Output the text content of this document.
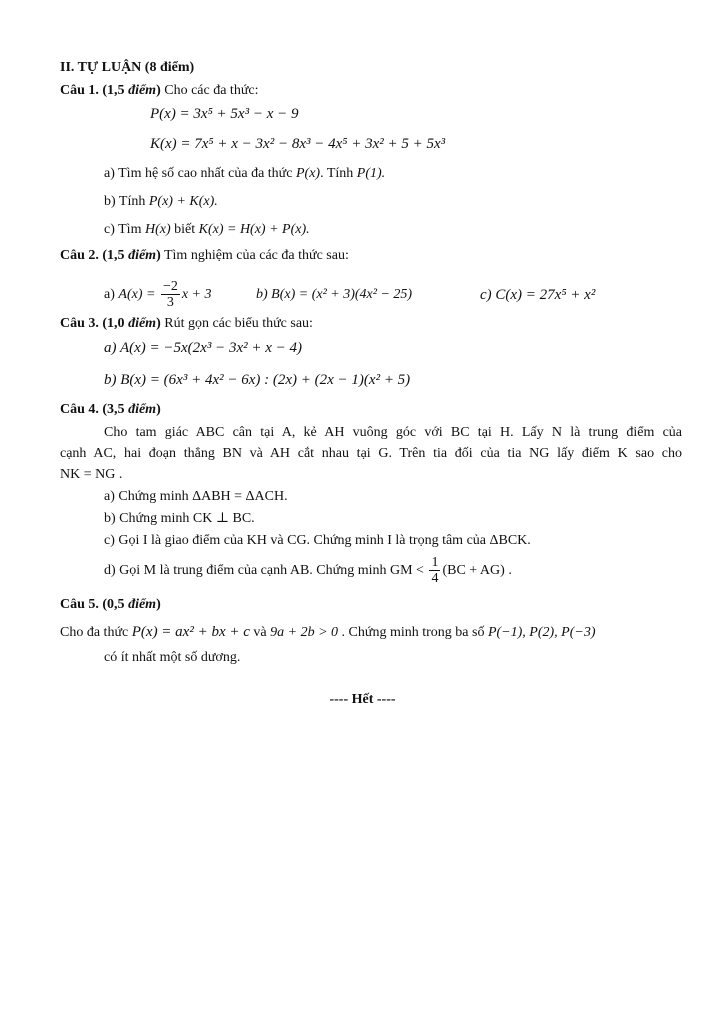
II. TỰ LUẬN (8 điểm)
Câu 1. (1,5 điểm) Cho các đa thức:
P(x) = 3x⁵ + 5x³ − x − 9
K(x) = 7x⁵ + x − 3x² − 8x³ − 4x⁵ + 3x² + 5 + 5x³
a) Tìm hệ số cao nhất của đa thức P(x). Tính P(1).
b) Tính P(x) + K(x).
c) Tìm H(x) biết K(x) = H(x) + P(x).
Câu 2. (1,5 điểm) Tìm nghiệm của các đa thức sau:
a) $A(x) = \frac{-2}{3}$ x + 3	b) B(x) = (x² + 3)(4x² − 25)	c) C(x) = 27x⁵ + x²
Câu 3. (1,0 điểm) Rút gọn các biểu thức sau:
a) A(x) = −5x(2x³ − 3x² + x − 4)
b) B(x) = (6x³ + 4x² − 6x) : (2x) + (2x − 1)(x² + 5)
Câu 4. (3,5 điểm)
Cho tam giác ABC cân tại A, kẻ AH vuông góc với BC tại H. Lấy N là trung điểm của
cạnh AC, hai đoạn thẳng BN và AH cắt nhau tại G. Trên tia đối của tia NG lấy điểm K sao cho
NK = NG .
a) Chứng minh ΔABH = ΔACH.
b) Chứng minh CK ⊥ BC.
c) Gọi I là giao điểm của KH và CG. Chứng minh I là trọng tâm của ΔBCK.
d) Gọi M là trung điểm của cạnh AB. Chứng minh GM < $\frac{1}{4} (BC + AG)$ .
Câu 5. (0,5 điểm)
Cho đa thức P(x) = ax² + bx + c và 9a + 2b > 0 . Chứng minh trong ba số P(−1), P(2), P(−3)
có ít nhất một số dương.
---- Hết ----
